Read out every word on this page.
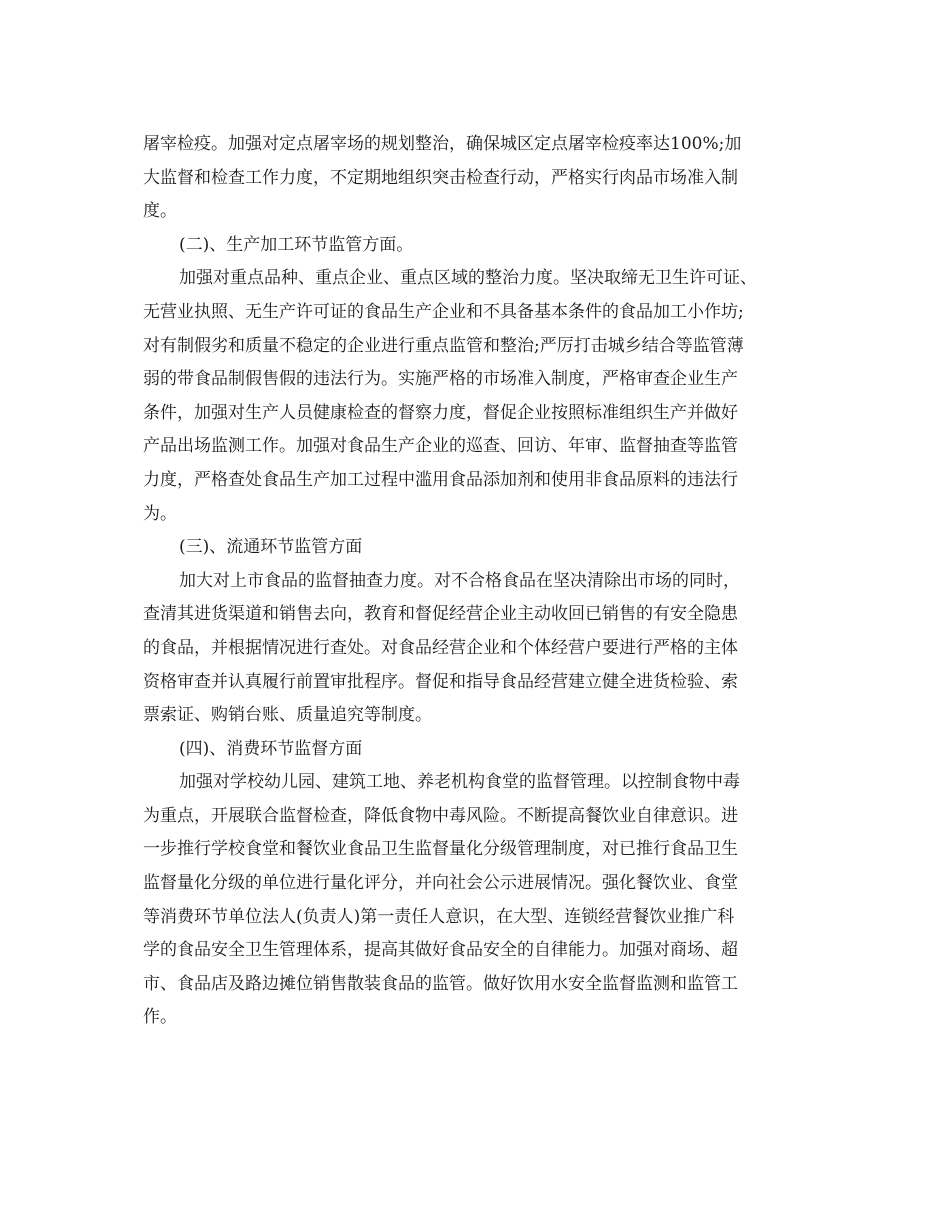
屠宰检疫。加强对定点屠宰场的规划整治，确保城区定点屠宰检疫率达100%;加
大监督和检查工作力度，不定期地组织突击检查行动，严格实行肉品市场准入制
度。
(二)、生产加工环节监管方面。
加强对重点品种、重点企业、重点区域的整治力度。坚决取缔无卫生许可证、
无营业执照、无生产许可证的食品生产企业和不具备基本条件的食品加工小作坊;
对有制假劣和质量不稳定的企业进行重点监管和整治;严厉打击城乡结合等监管薄
弱的带食品制假售假的违法行为。实施严格的市场准入制度，严格审查企业生产
条件，加强对生产人员健康检查的督察力度，督促企业按照标准组织生产并做好
产品出场监测工作。加强对食品生产企业的巡查、回访、年审、监督抽查等监管
力度，严格查处食品生产加工过程中滥用食品添加剂和使用非食品原料的违法行
为。
(三)、流通环节监管方面
加大对上市食品的监督抽查力度。对不合格食品在坚决清除出市场的同时，
查清其进货渠道和销售去向，教育和督促经营企业主动收回已销售的有安全隐患
的食品，并根据情况进行查处。对食品经营企业和个体经营户要进行严格的主体
资格审查并认真履行前置审批程序。督促和指导食品经营建立健全进货检验、索
票索证、购销台账、质量追究等制度。
(四)、消费环节监督方面
加强对学校幼儿园、建筑工地、养老机构食堂的监督管理。以控制食物中毒
为重点，开展联合监督检查，降低食物中毒风险。不断提高餐饮业自律意识。进
一步推行学校食堂和餐饮业食品卫生监督量化分级管理制度，对已推行食品卫生
监督量化分级的单位进行量化评分，并向社会公示进展情况。强化餐饮业、食堂
等消费环节单位法人(负责人)第一责任人意识，在大型、连锁经营餐饮业推广科
学的食品安全卫生管理体系，提高其做好食品安全的自律能力。加强对商场、超
市、食品店及路边摊位销售散装食品的监管。做好饮用水安全监督监测和监管工
作。
